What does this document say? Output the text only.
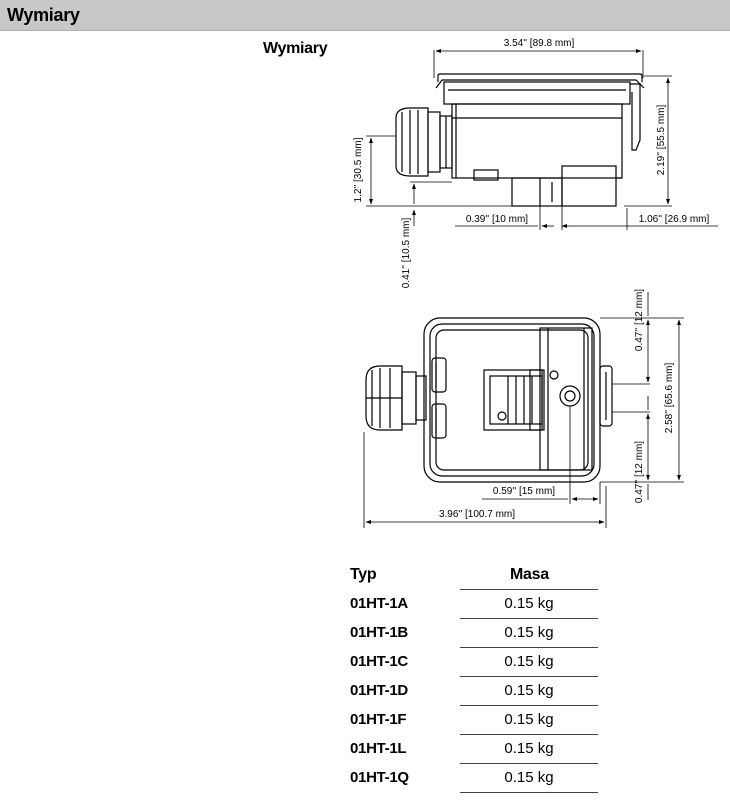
Wymiary
Wymiary	3.54'' [89.8 mm]
2.19'' [55.5 mm]
1.2'' [30.5 mm]
0.39'' [10 mm]	1.06'' [26.9 mm]
0.41'' [10.5 mm]
0.47'' [12 mm]
2.58'' [65.6 mm]
0.47'' [12 mm]
0.59'' [15 mm]
3.96'' [100.7 mm]
Typ	Masa
01HT-1A	0.15 kg
01HT-1B	0.15 kg
01HT-1C	0.15 kg
01HT-1D	0.15 kg
01HT-1F	0.15 kg
01HT-1L	0.15 kg
01HT-1Q	0.15 kg
